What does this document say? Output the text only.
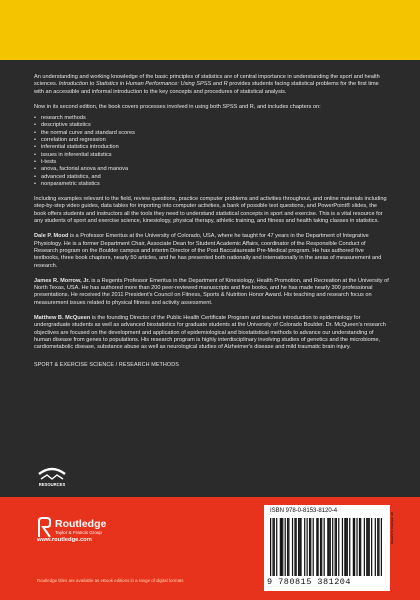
An understanding and working knowledge of the basic principles of statistics are of central importance in understanding the sport and health sciences. Introduction to Statistics in Human Performance: Using SPSS and R provides students facing statistical problems for the first time with an accessible and informal introduction to the key concepts and procedures of statistical analysis.

Now in its second edition, the book covers processes involved in using both SPSS and R, and includes chapters on:

• research methods
• descriptive statistics
• the normal curve and standard scores
• correlation and regression
• inferential statistics introduction
• issues in inferential statistics
• t-tests
• anova, factorial anova and manova
• advanced statistics, and
• nonparametric statistics

Including examples relevant to the field, review questions, practice computer problems and activities throughout, and online materials including step-by-step video guides, data tables for importing into computer activities, a bank of possible test questions, and PowerPoint® slides, the book offers students and instructors all the tools they need to understand statistical concepts in sport and exercise. This is a vital resource for any students of sport and exercise science, kinesiology, physical therapy, athletic training, and fitness and health taking classes in statistics.

Dale P. Mood is a Professor Emeritus at the University of Colorado, USA, where he taught for 47 years in the Department of Integrative Physiology. He is a former Department Chair, Associate Dean for Student Academic Affairs, coordinator of the Responsible Conduct of Research program on the Boulder campus and interim Director of the Post Baccalaureate Pre-Medical program. He has authored five textbooks, three book chapters, nearly 50 articles, and he has presented both nationally and internationally in the areas of measurement and research.

James R. Morrow, Jr. is a Regents Professor Emeritus in the Department of Kinesiology, Health Promotion, and Recreation at the University of North Texas, USA. He has authored more than 200 peer-reviewed manuscripts and five books, and he has made nearly 300 professional presentations. He received the 2011 President's Council on Fitness, Sports & Nutrition Honor Award. His teaching and research focus on measurement issues related to physical fitness and activity assessment.

Matthew B. McQueen is the founding Director of the Public Health Certificate Program and teaches introduction to epidemiology for undergraduate students as well as advanced biostatistics for graduate students at the University of Colorado Boulder. Dr. McQueen's research objectives are focused on the development and application of epidemiological and biostatistical methods to advance our understanding of human disease from genes to populations. His research program is highly interdisciplinary involving studies of genetics and the microbiome, cardiometabolic disease, substance abuse as well as neurological studies of Alzheimer's disease and mild traumatic brain injury.

SPORT & EXERCISE SCIENCE / RESEARCH METHODS

RESOURCES
Routledge
Taylor & Francis Group
www.routledge.com
Routledge titles are available as eBook editions in a range of digital formats
ISBN 978-0-8153-8120-4
9 780815 381204
an informa business
